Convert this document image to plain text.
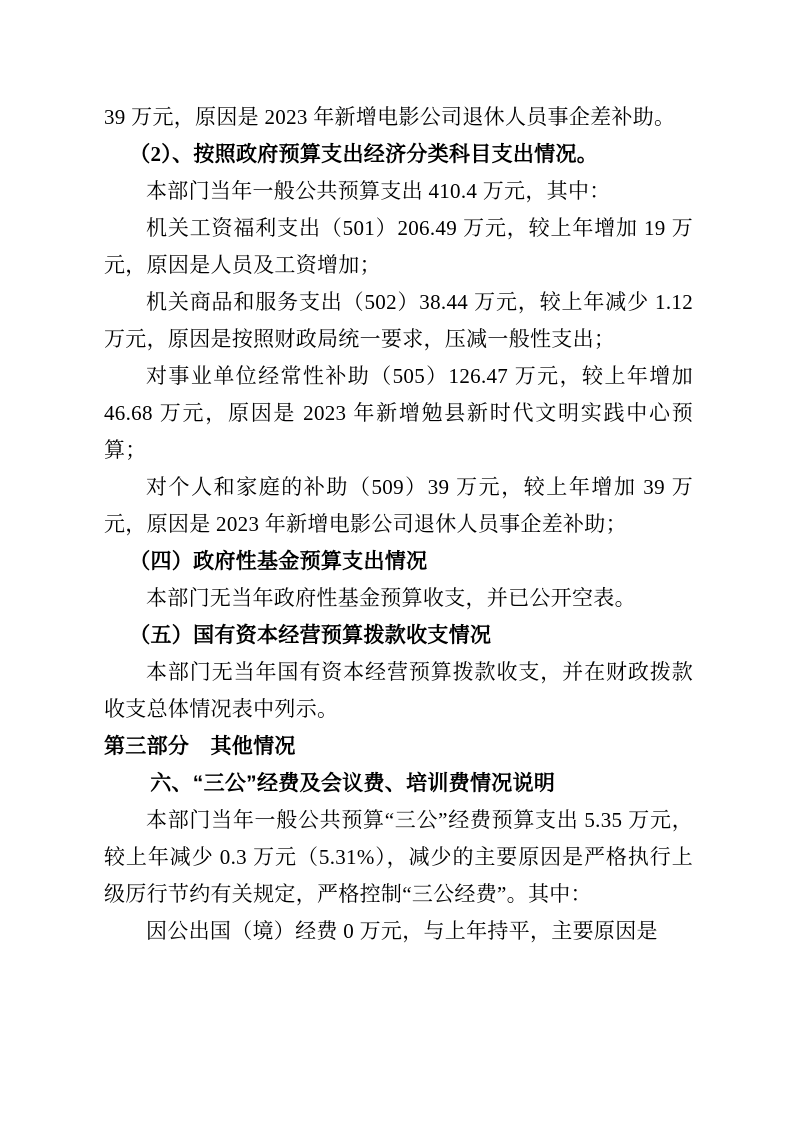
39 万元，原因是 2023 年新增电影公司退休人员事企差补助。

（2）、按照政府预算支出经济分类科目支出情况。

本部门当年一般公共预算支出 410.4 万元，其中：

机关工资福利支出（501）206.49 万元，较上年增加 19 万元，原因是人员及工资增加；

机关商品和服务支出（502）38.44 万元，较上年减少 1.12 万元，原因是按照财政局统一要求，压减一般性支出；

对事业单位经常性补助（505）126.47 万元，较上年增加 46.68 万元，原因是 2023 年新增勉县新时代文明实践中心预算；

对个人和家庭的补助（509）39 万元，较上年增加 39 万元，原因是 2023 年新增电影公司退休人员事企差补助；

（四）政府性基金预算支出情况

本部门无当年政府性基金预算收支，并已公开空表。

（五）国有资本经营预算拨款收支情况

本部门无当年国有资本经营预算拨款收支，并在财政拨款收支总体情况表中列示。

第三部分　其他情况

六、“三公”经费及会议费、培训费情况说明

本部门当年一般公共预算“三公”经费预算支出 5.35 万元，较上年减少 0.3 万元（5.31%），减少的主要原因是严格执行上级厉行节约有关规定，严格控制“三公经费”。其中：

因公出国（境）经费 0 万元，与上年持平，主要原因是
